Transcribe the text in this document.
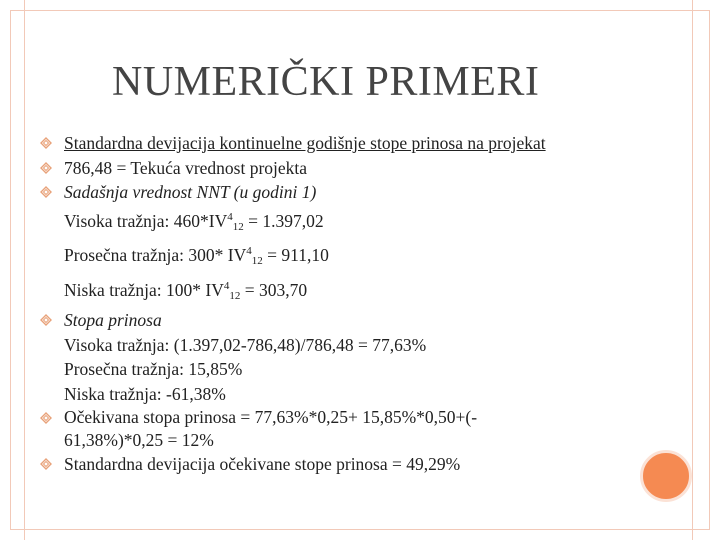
NUMERIČKI PRIMERI
Standardna devijacija kontinuelne godišnje stope prinosa na projekat
786,48 = Tekuća vrednost projekta
Sadašnja vrednost NNT (u godini 1)
Visoka tražnja: $460*IV^4_{12} = 1.397,02$
Prosečna tražnja: 300* $IV^4_{12} = 911,10$
Niska tražnja: 100* $IV^4_{12} = 303,70$
Stopa prinosa
Visoka tražnja: (1.397,02-786,48)/786,48 = 77,63%
Prosečna tražnja: 15,85%
Niska tražnja: -61,38%
Očekivana stopa prinosa = 77,63%*0,25+ 15,85%*0,50+(-
61,38%)*0,25 = 12%
Standardna devijacija očekivane stope prinosa = 49,29%
